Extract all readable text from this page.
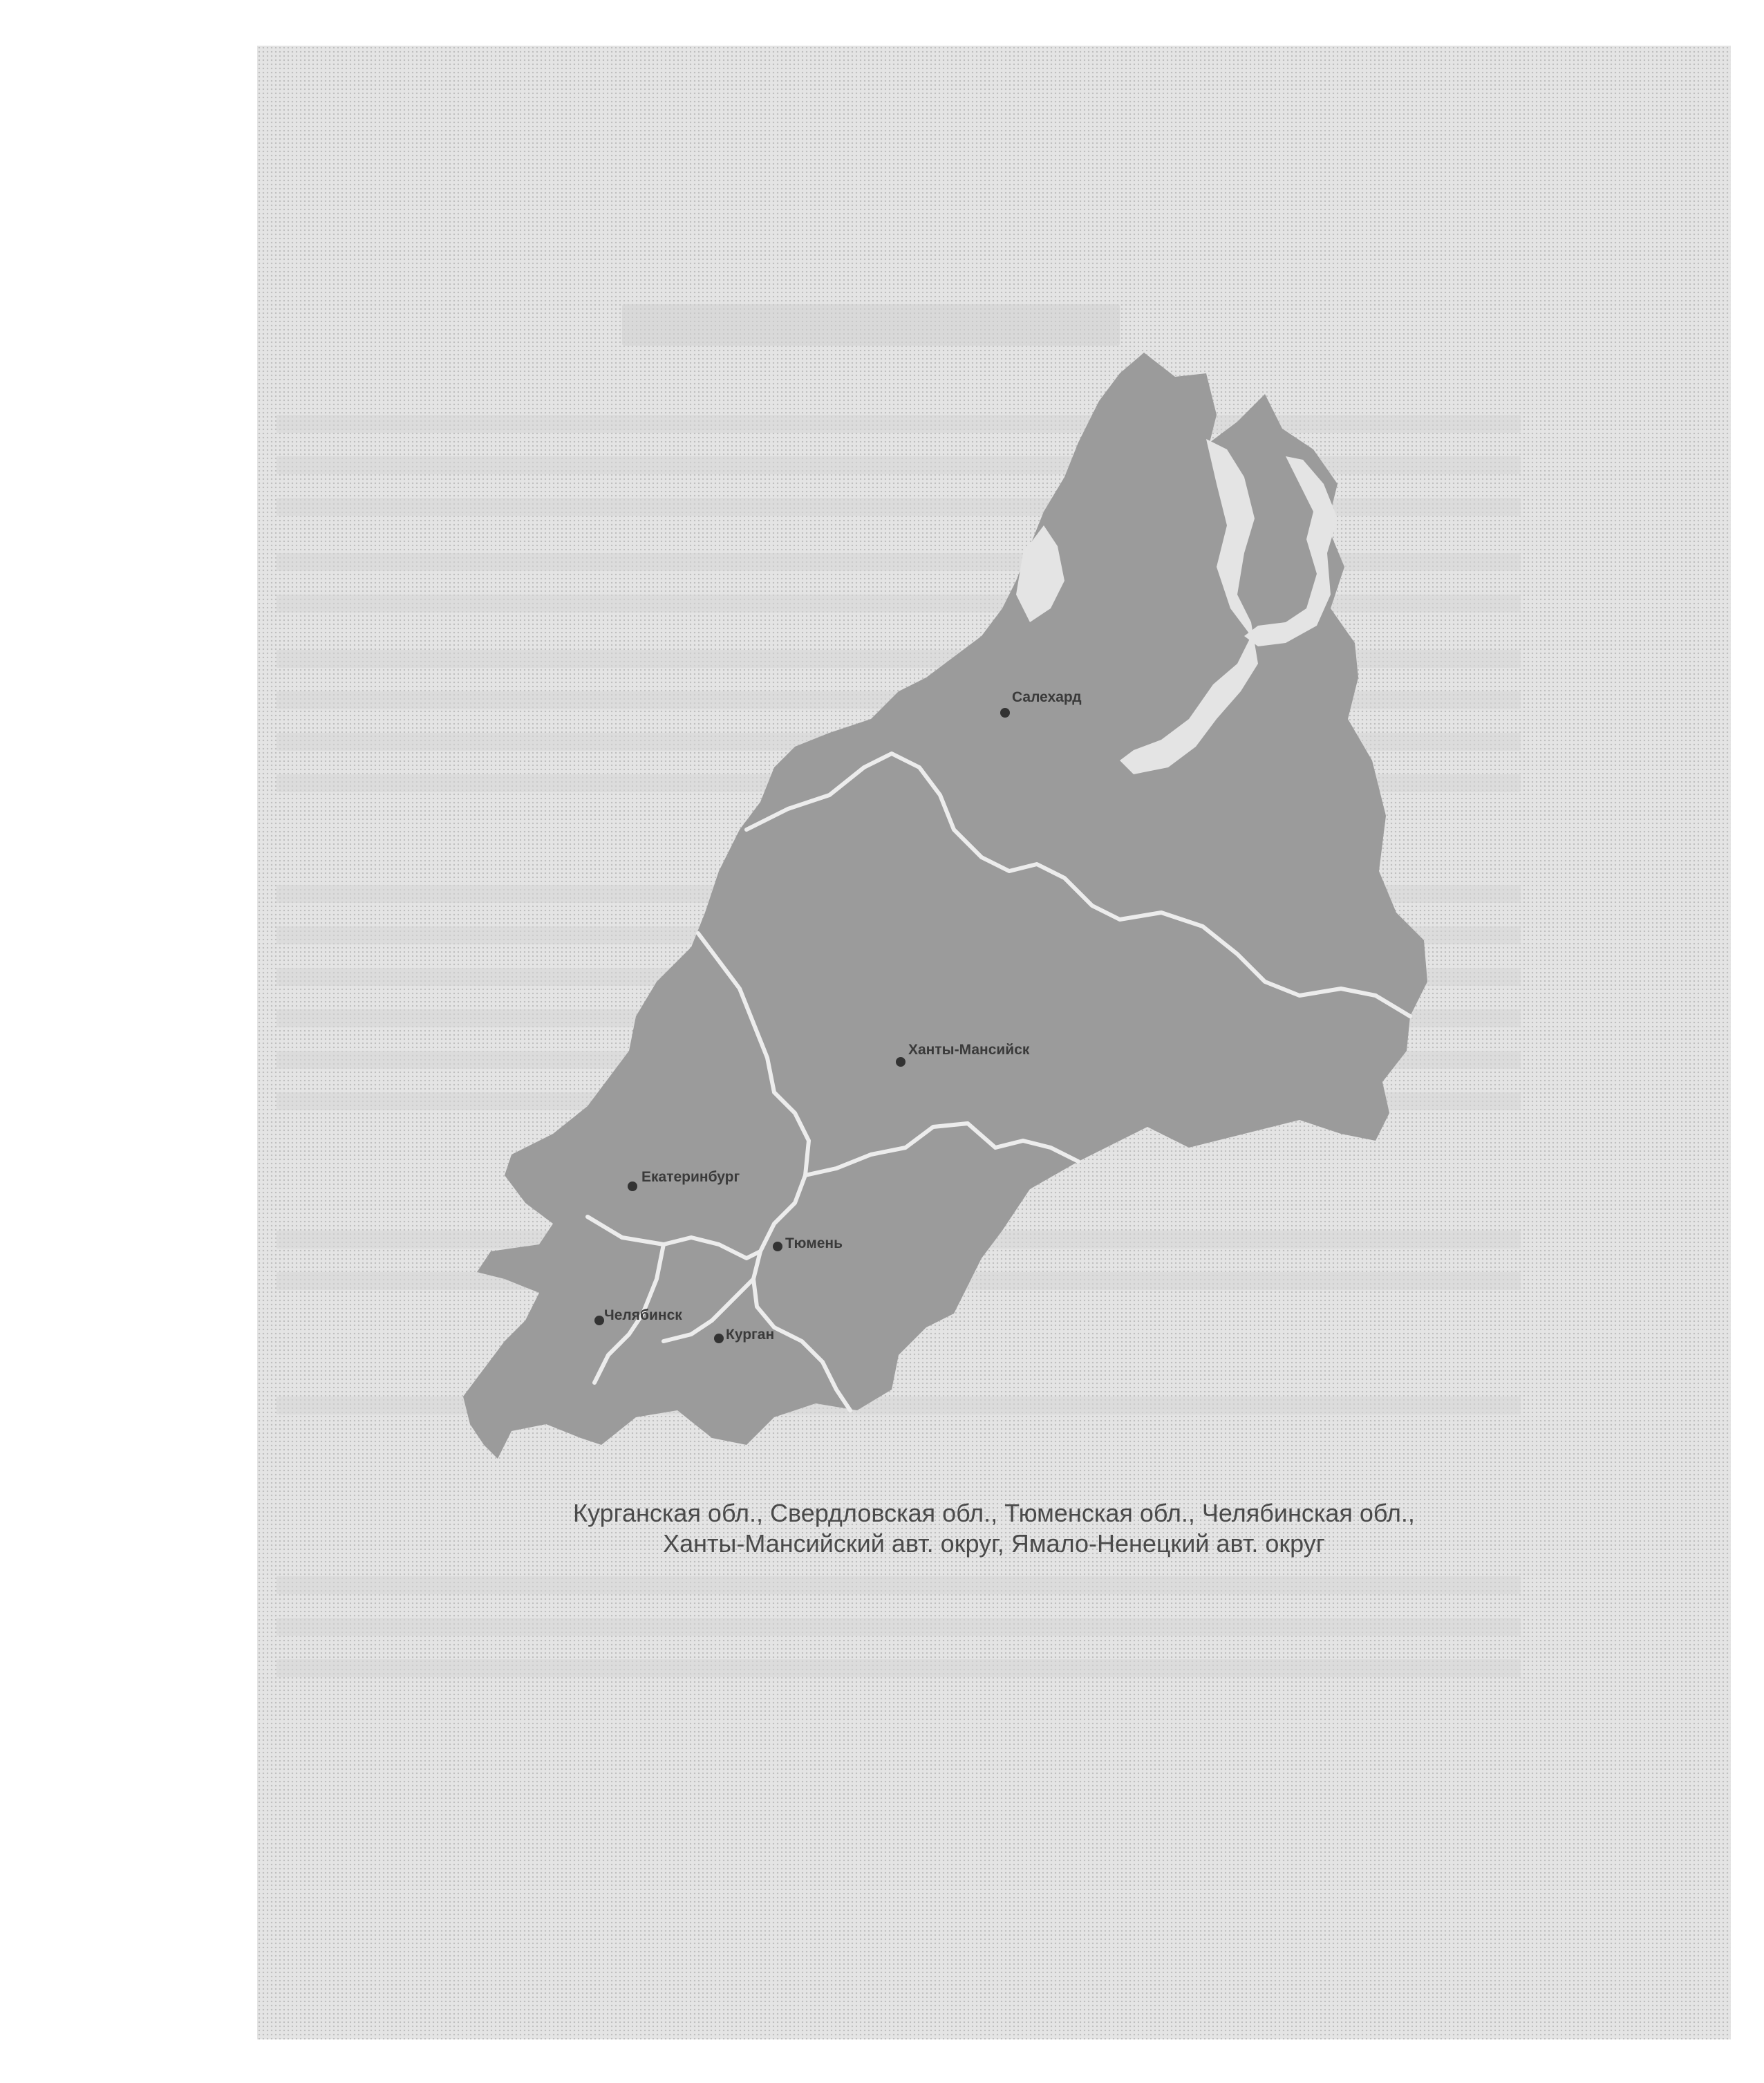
Салехард
Ханты-Мансийск
Екатеринбург
Тюмень
Челябинск
Курган
Курганская обл., Свердловская обл., Тюменская обл., Челябинская обл.,
Ханты-Мансийский авт. округ, Ямало-Ненецкий авт. округ
